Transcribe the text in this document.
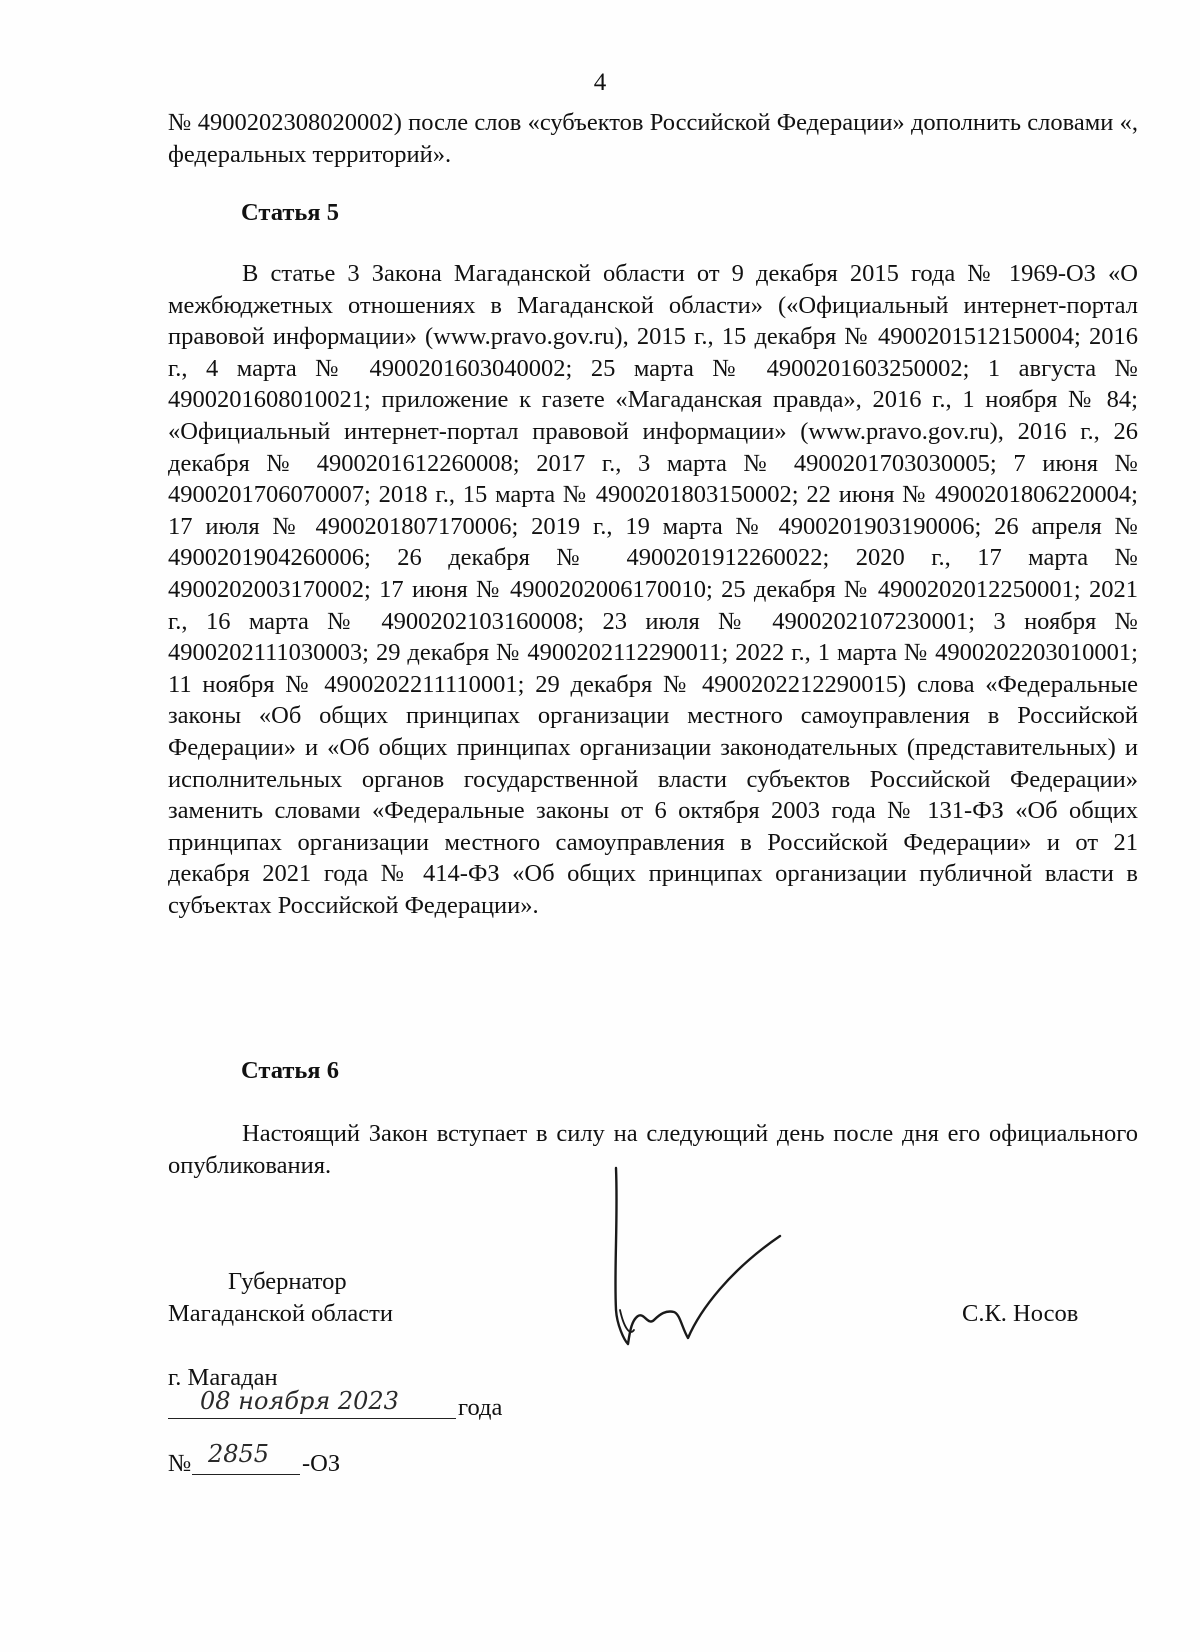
4

№ 4900202308020002) после слов «субъектов Российской Федерации» дополнить словами «, федеральных территорий».

Статья 5

В статье 3 Закона Магаданской области от 9 декабря 2015 года № 1969-ОЗ «О межбюджетных отношениях в Магаданской области» («Официальный интернет-портал правовой информации» (www.pravo.gov.ru), 2015 г., 15 декабря № 4900201512150004; 2016 г., 4 марта № 4900201603040002; 25 марта № 4900201603250002; 1 августа № 4900201608010021; приложение к газете «Магаданская правда», 2016 г., 1 ноября № 84; «Официальный интернет-портал правовой информации» (www.pravo.gov.ru), 2016 г., 26 декабря № 4900201612260008; 2017 г., 3 марта № 4900201703030005; 7 июня № 4900201706070007; 2018 г., 15 марта № 4900201803150002; 22 июня № 4900201806220004; 17 июля № 4900201807170006; 2019 г., 19 марта № 4900201903190006; 26 апреля № 4900201904260006; 26 декабря № 4900201912260022; 2020 г., 17 марта № 4900202003170002; 17 июня № 4900202006170010; 25 декабря № 4900202012250001; 2021 г., 16 марта № 4900202103160008; 23 июля № 4900202107230001; 3 ноября № 4900202111030003; 29 декабря № 4900202112290011; 2022 г., 1 марта № 4900202203010001; 11 ноября № 4900202211110001; 29 декабря № 4900202212290015) слова «Федеральные законы «Об общих принципах организации местного самоуправления в Российской Федерации» и «Об общих принципах организации законодательных (представительных) и исполнительных органов государственной власти субъектов Российской Федерации» заменить словами «Федеральные законы от 6 октября 2003 года № 131-ФЗ «Об общих принципах организации местного самоуправления в Российской Федерации» и от 21 декабря 2021 года № 414-ФЗ «Об общих принципах организации публичной власти в субъектах Российской Федерации».

Статья 6

Настоящий Закон вступает в силу на следующий день после дня его официального опубликования.

Губернатор
Магаданской области	С.К. Носов
г. Магадан
08 ноября 2023 года
№ 2855 -ОЗ
